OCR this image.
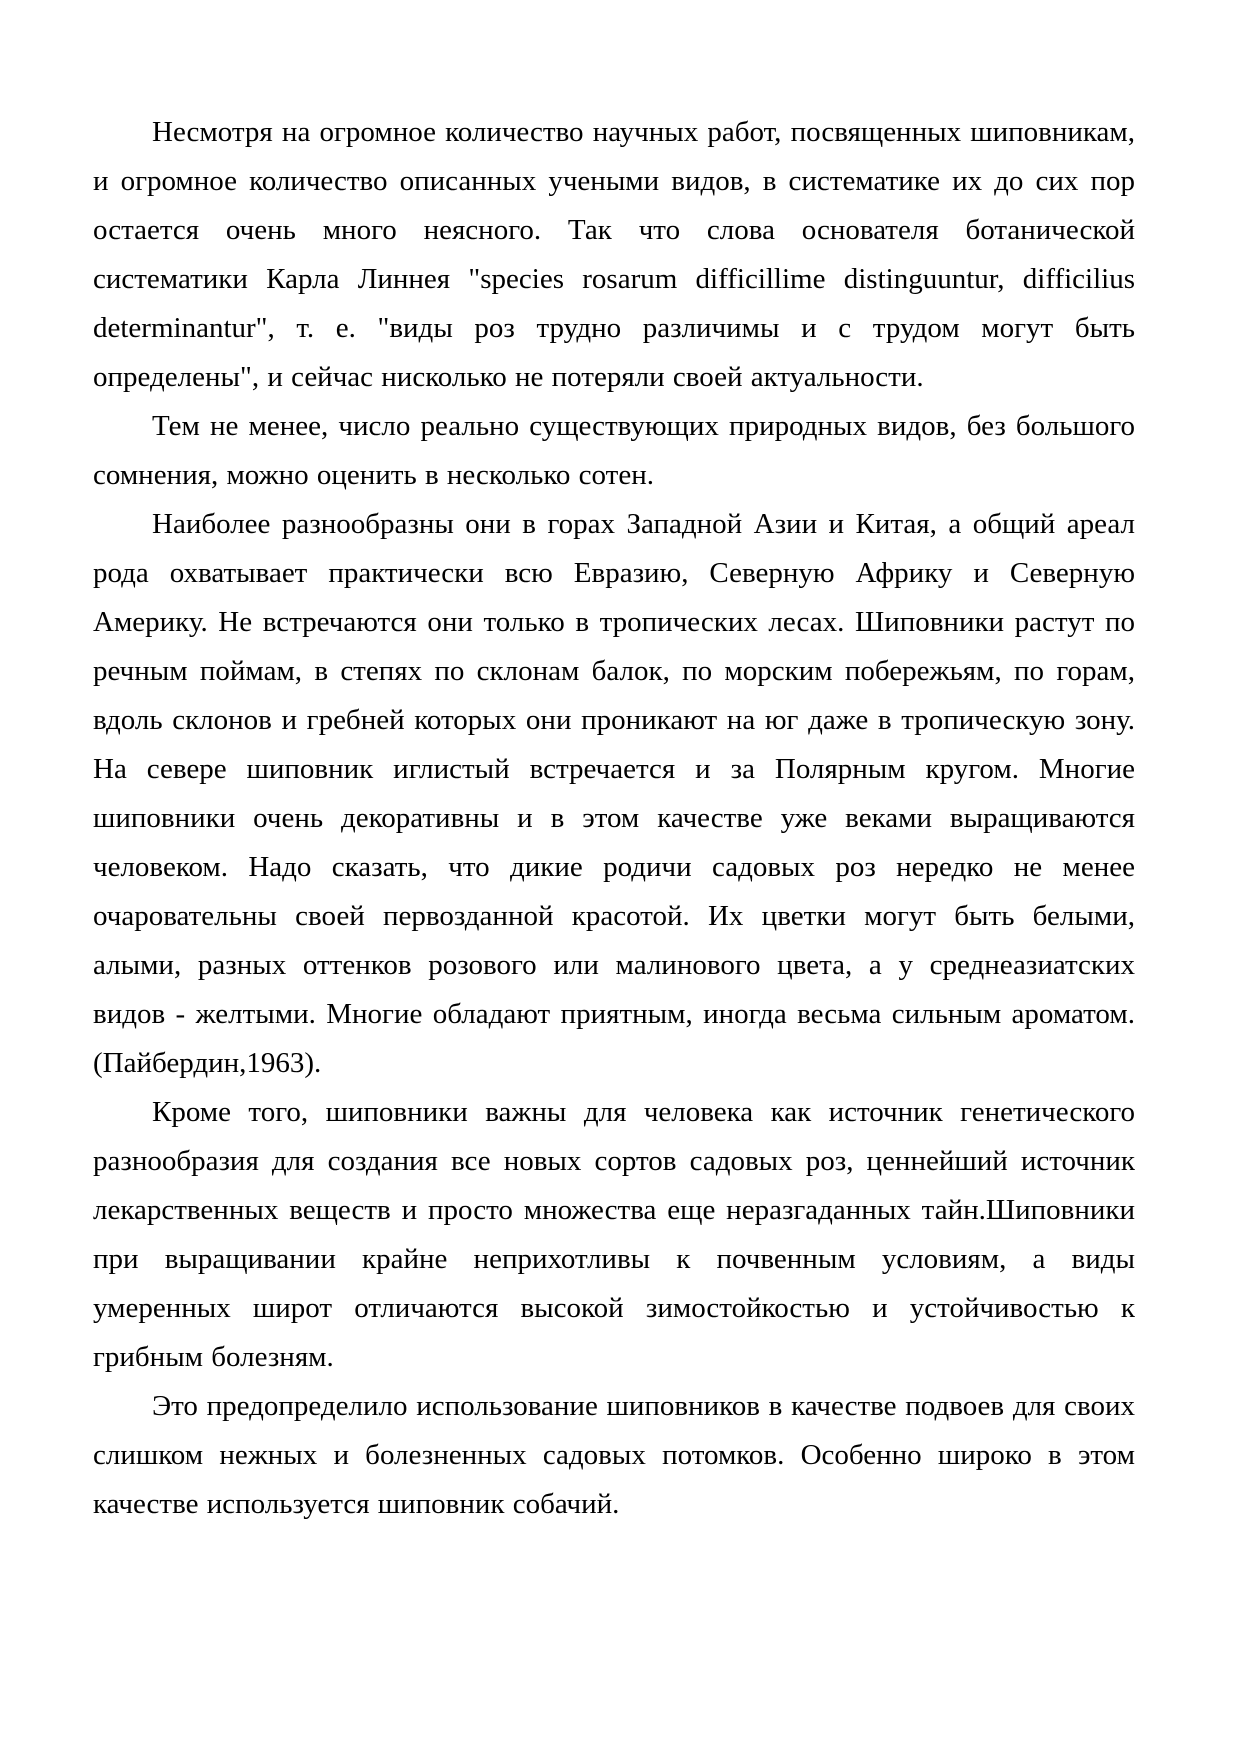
Несмотря на огромное количество научных работ, посвященных шиповникам, и огромное количество описанных учеными видов, в систематике их до сих пор остается очень много неясного. Так что слова основателя ботанической систематики Карла Линнея "species rosarum difficillime distinguuntur, difficilius determinantur", т. е. "виды роз трудно различимы и с трудом могут быть определены", и сейчас нисколько не потеряли своей актуальности.

Тем не менее, число реально существующих природных видов, без большого сомнения, можно оценить в несколько сотен.

Наиболее разнообразны они в горах Западной Азии и Китая, а общий ареал рода охватывает практически всю Евразию, Северную Африку и Северную Америку. Не встречаются они только в тропических лесах. Шиповники растут по речным поймам, в степях по склонам балок, по морским побережьям, по горам, вдоль склонов и гребней которых они проникают на юг даже в тропическую зону. На севере шиповник иглистый встречается и за Полярным кругом. Многие шиповники очень декоративны и в этом качестве уже веками выращиваются человеком. Надо сказать, что дикие родичи садовых роз нередко не менее очаровательны своей первозданной красотой. Их цветки могут быть белыми, алыми, разных оттенков розового или малинового цвета, а у среднеазиатских видов - желтыми. Многие обладают приятным, иногда весьма сильным ароматом. (Пайбердин,1963).

Кроме того, шиповники важны для человека как источник генетического разнообразия для создания все новых сортов садовых роз, ценнейший источник лекарственных веществ и просто множества еще неразгаданных тайн.Шиповники при выращивании крайне неприхотливы к почвенным условиям, а виды умеренных широт отличаются высокой зимостойкостью и устойчивостью к грибным болезням.

Это предопределило использование шиповников в качестве подвоев для своих слишком нежных и болезненных садовых потомков. Особенно широко в этом качестве используется шиповник собачий.
